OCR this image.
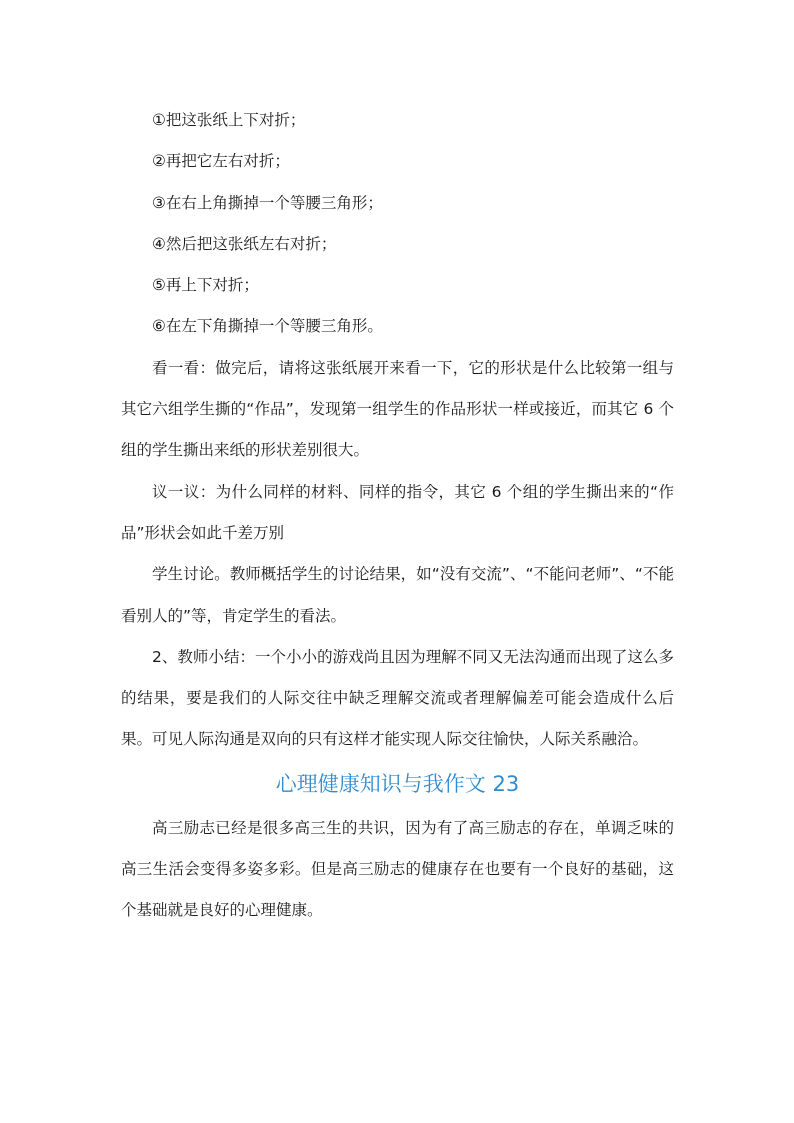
①把这张纸上下对折；

②再把它左右对折；

③在右上角撕掉一个等腰三角形；

④然后把这张纸左右对折；

⑤再上下对折；

⑥在左下角撕掉一个等腰三角形。

看一看：做完后，请将这张纸展开来看一下，它的形状是什么比较第一组与其它六组学生撕的“作品”，发现第一组学生的作品形状一样或接近，而其它 6 个组的学生撕出来纸的形状差别很大。

议一议：为什么同样的材料、同样的指令，其它 6 个组的学生撕出来的“作品”形状会如此千差万别

学生讨论。教师概括学生的讨论结果，如“没有交流”、“不能问老师”、“不能看别人的”等，肯定学生的看法。

2、教师小结：一个小小的游戏尚且因为理解不同又无法沟通而出现了这么多的结果，要是我们的人际交往中缺乏理解交流或者理解偏差可能会造成什么后果。可见人际沟通是双向的只有这样才能实现人际交往愉快，人际关系融洽。

心理健康知识与我作文 23

高三励志已经是很多高三生的共识，因为有了高三励志的存在，单调乏味的高三生活会变得多姿多彩。但是高三励志的健康存在也要有一个良好的基础，这个基础就是良好的心理健康。
